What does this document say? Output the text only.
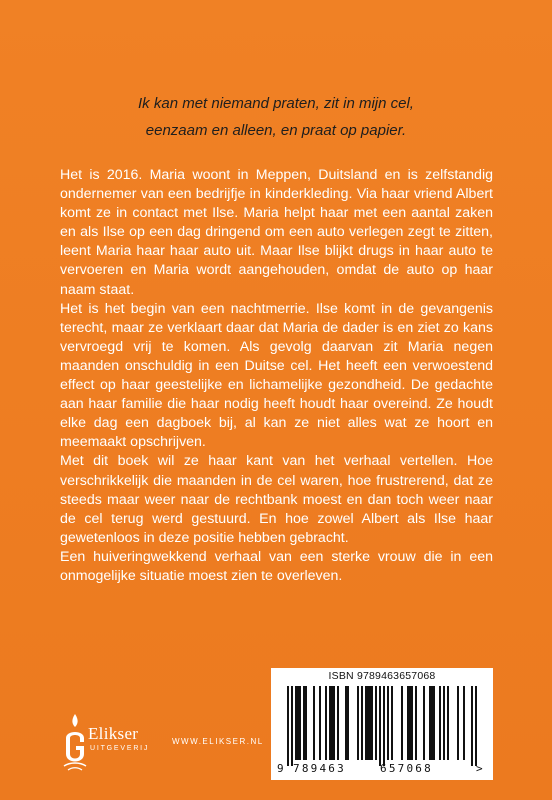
Ik kan met niemand praten, zit in mijn cel,
eenzaam en alleen, en praat op papier.

Het is 2016. Maria woont in Meppen, Duitsland en is zelfstandig ondernemer van een bedrijfje in kinderkleding. Via haar vriend Albert komt ze in contact met Ilse. Maria helpt haar met een aantal zaken en als Ilse op een dag dringend om een auto verlegen zegt te zitten, leent Maria haar haar auto uit. Maar Ilse blijkt drugs in haar auto te vervoeren en Maria wordt aangehouden, omdat de auto op haar naam staat.

Het is het begin van een nachtmerrie. Ilse komt in de gevangenis terecht, maar ze verklaart daar dat Maria de dader is en ziet zo kans vervroegd vrij te komen. Als gevolg daarvan zit Maria negen maanden onschuldig in een Duitse cel. Het heeft een verwoestend effect op haar geestelijke en lichamelijke gezondheid. De gedachte aan haar familie die haar nodig heeft houdt haar overeind. Ze houdt elke dag een dagboek bij, al kan ze niet alles wat ze hoort en meemaakt opschrijven.

Met dit boek wil ze haar kant van het verhaal vertellen. Hoe verschrikkelijk die maanden in de cel waren, hoe frustrerend, dat ze steeds maar weer naar de rechtbank moest en dan toch weer naar de cel terug werd gestuurd. En hoe zowel Albert als Ilse haar gewetenloos in deze positie hebben gebracht.

Een huiveringwekkend verhaal van een sterke vrouw die in een onmogelijke situatie moest zien te overleven.

Elikser
UITGEVERIJ
WWW.ELIKSER.NL
ISBN 9789463657068
9 789463	657068	>
